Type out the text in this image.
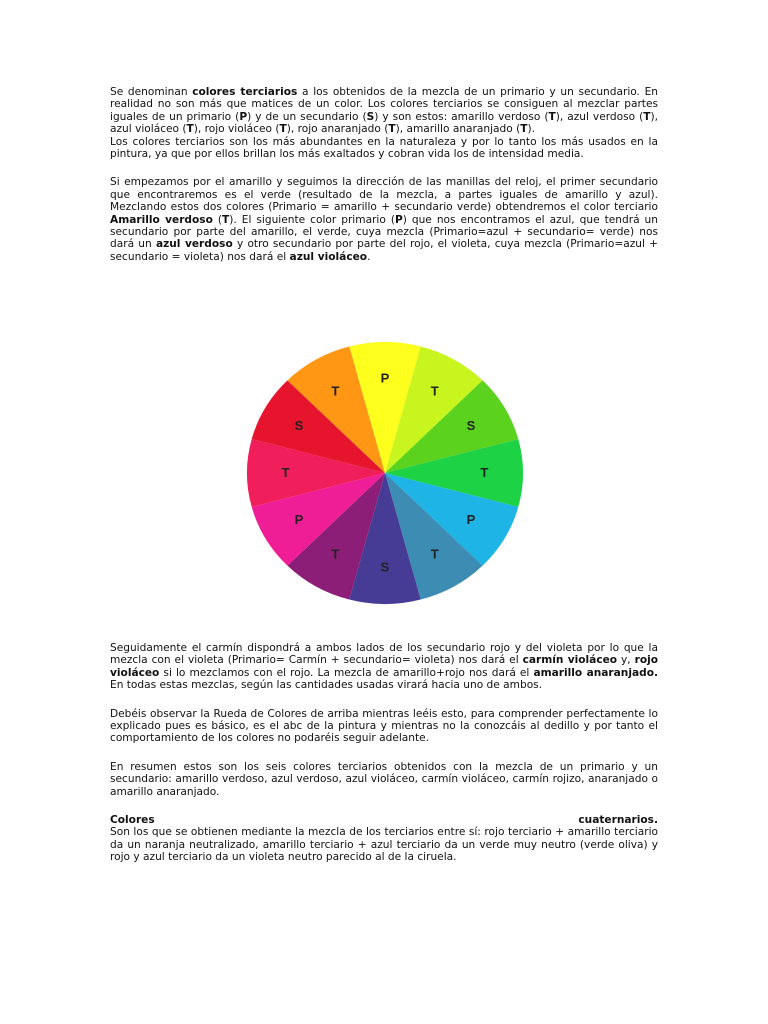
Se denominan colores terciarios a los obtenidos de la mezcla de un primario y un secundario. En realidad no son más que matices de un color. Los colores terciarios se consiguen al mezclar partes iguales de un primario (P) y de un secundario (S) y son estos: amarillo verdoso (T), azul verdoso (T), azul violáceo (T), rojo violáceo (T), rojo anaranjado (T), amarillo anaranjado (T).

Los colores terciarios son los más abundantes en la naturaleza y por lo tanto los más usados en la pintura, ya que por ellos brillan los más exaltados y cobran vida los de intensidad media.

Si empezamos por el amarillo y seguimos la dirección de las manillas del reloj, el primer secundario que encontraremos es el verde (resultado de la mezcla, a partes iguales de amarillo y azul). Mezclando estos dos colores (Primario = amarillo + secundario verde) obtendremos el color terciario Amarillo verdoso (T). El siguiente color primario (P) que nos encontramos el azul, que tendrá un secundario por parte del amarillo, el verde, cuya mezcla (Primario=azul + secundario= verde) nos dará un azul verdoso y otro secundario por parte del rojo, el violeta, cuya mezcla (Primario=azul + secundario = violeta) nos dará el azul violáceo.

P
T
S
T
P
T
S
T
P
T
S
T

Seguidamente el carmín dispondrá a ambos lados de los secundario rojo y del violeta por lo que la mezcla con el violeta (Primario= Carmín + secundario= violeta) nos dará el carmín violáceo y, rojo violáceo si lo mezclamos con el rojo. La mezcla de amarillo+rojo nos dará el amarillo anaranjado. En todas estas mezclas, según las cantidades usadas virará hacia uno de ambos.

Debéis observar la Rueda de Colores de arriba mientras leéis esto, para comprender perfectamente lo explicado pues es básico, es el abc de la pintura y mientras no la conozcáis al dedillo y por tanto el comportamiento de los colores no podaréis seguir adelante.

En resumen estos son los seis colores terciarios obtenidos con la mezcla de un primario y un secundario: amarillo verdoso, azul verdoso, azul violáceo, carmín violáceo, carmín rojizo, anaranjado o amarillo anaranjado.

Colores	cuaternarios.

Son los que se obtienen mediante la mezcla de los terciarios entre sí: rojo terciario + amarillo terciario da un naranja neutralizado, amarillo terciario + azul terciario da un verde muy neutro (verde oliva) y rojo y azul terciario da un violeta neutro parecido al de la ciruela.
